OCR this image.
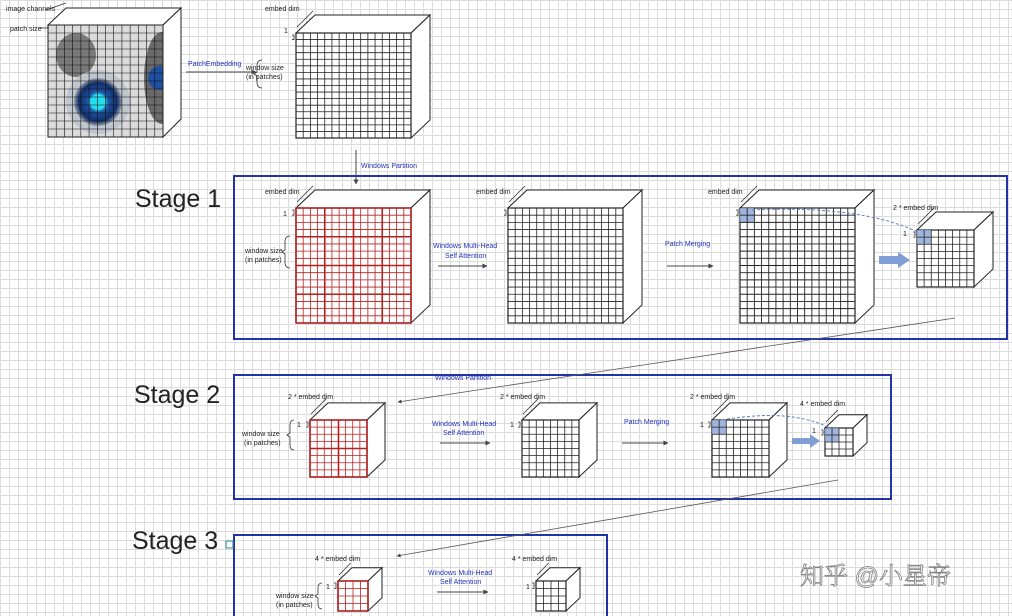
image channels
patch size
PatchEmbedding
embed dim
1
window size
(in patches)
Windows Partition
Stage 1	embed dim	embed dim	embed dim
2 * embed dim
1
1
window size
(in patches)
Windows Multi-Head
Self Attention
Patch Merging
Stage 2
Windows Partition
2 * embed dim	2 * embed dim	2 * embed dim
4 * embed dim
1	1	1
1
window size
(in patches)
Windows Multi-Head
Self Attention
Patch Merging
Stage 3
4 * embed dim	4 * embed dim
1	1
window size
(in patches)
Windows Multi-Head
Self Attention	知乎 @小星帝
